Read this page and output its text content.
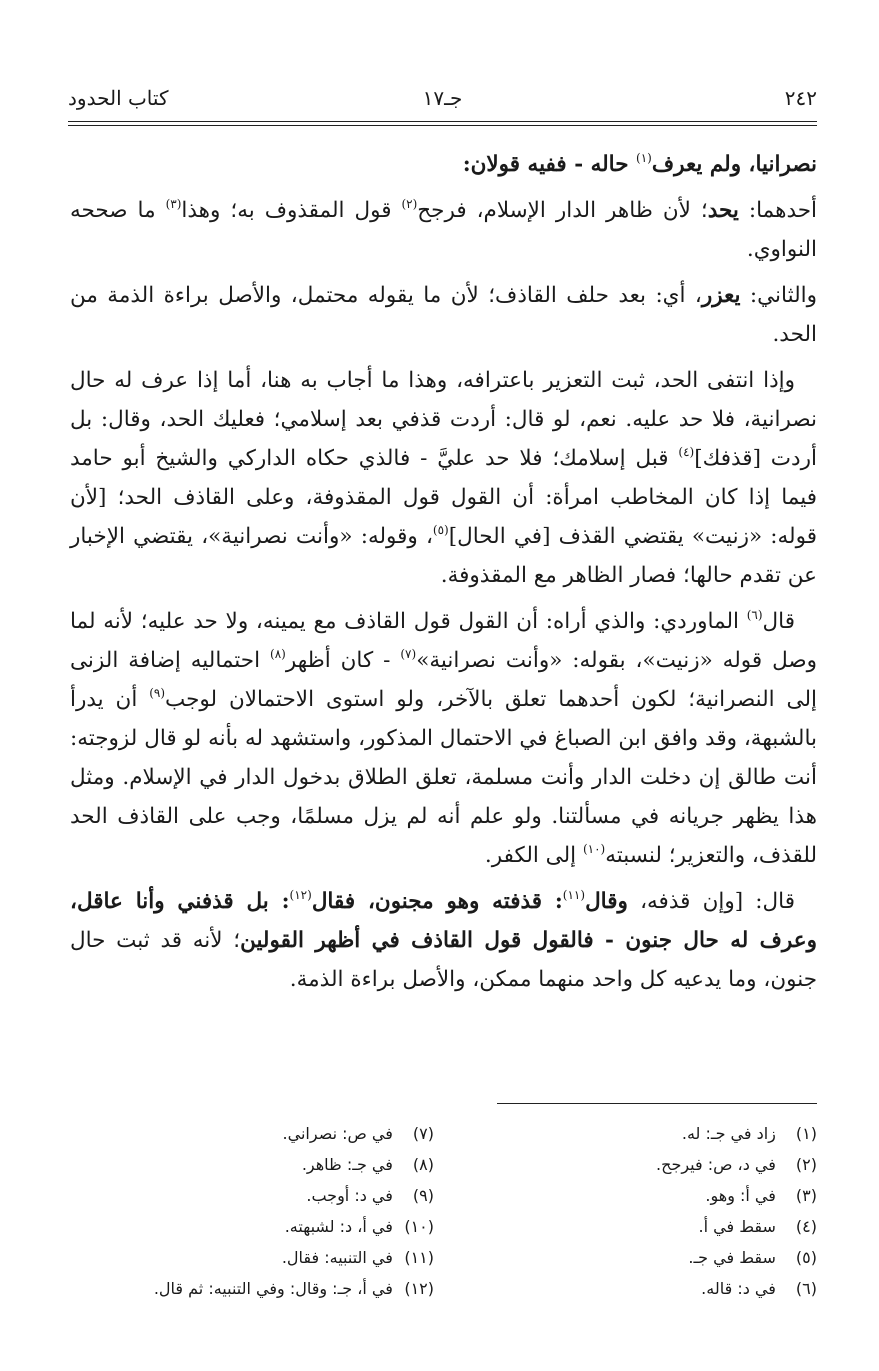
٢٤٢
جـ١٧
كتاب الحدود

نصرانيا، ولم يعرف$^{(١)}$ حاله - ففيه قولان:

أحدهما: يحد؛ لأن ظاهر الدار الإسلام، فرجح$^{(٢)}$ قول المقذوف به؛ وهذا$^{(٣)}$ ما صححه النواوي.

والثاني: يعزر، أي: بعد حلف القاذف؛ لأن ما يقوله محتمل، والأصل براءة الذمة من الحد.

وإذا انتفى الحد، ثبت التعزير باعترافه، وهذا ما أجاب به هنا، أما إذا عرف له حال نصرانية، فلا حد عليه. نعم، لو قال: أردت قذفي بعد إسلامي؛ فعليك الحد، وقال: بل أردت [قذفك]$^{(٤)}$ قبل إسلامك؛ فلا حد عليَّ - فالذي حكاه الداركي والشيخ أبو حامد فيما إذا كان المخاطب امرأة: أن القول قول المقذوفة، وعلى القاذف الحد؛ [لأن قوله: «زنيت» يقتضي القذف [في الحال]$^{(٥)}$، وقوله: «وأنت نصرانية»، يقتضي الإخبار عن تقدم حالها؛ فصار الظاهر مع المقذوفة.

قال$^{(٦)}$ الماوردي: والذي أراه: أن القول قول القاذف مع يمينه، ولا حد عليه؛ لأنه لما وصل قوله «زنيت»، بقوله: «وأنت نصرانية»$^{(٧)}$ - كان أظهر$^{(٨)}$ احتماليه إضافة الزنى إلى النصرانية؛ لكون أحدهما تعلق بالآخر، ولو استوى الاحتمالان لوجب$^{(٩)}$ أن يدرأ بالشبهة، وقد وافق ابن الصباغ في الاحتمال المذكور، واستشهد له بأنه لو قال لزوجته: أنت طالق إن دخلت الدار وأنت مسلمة، تعلق الطلاق بدخول الدار في الإسلام. ومثل هذا يظهر جريانه في مسألتنا. ولو علم أنه لم يزل مسلمًا، وجب على القاذف الحد للقذف، والتعزير؛ لنسبته$^{(١٠)}$ إلى الكفر.

قال: [وإن قذفه، وقال$^{(١١)}$: قذفته وهو مجنون، فقال$^{(١٢)}$: بل قذفني وأنا عاقل، وعرف له حال جنون - فالقول قول القاذف في أظهر القولين؛ لأنه قد ثبت حال جنون، وما يدعيه كل واحد منهما ممكن، والأصل براءة الذمة.

(١) زاد في جـ: له.
(٢) في د، ص: فيرجح.
(٣) في أ: وهو.
(٤) سقط في أ.
(٥) سقط في جـ.
(٦) في د: قاله.
(٧) في ص: نصراني.
(٨) في جـ: ظاهر.
(٩) في د: أوجب.
(١٠) في أ، د: لشبهته.
(١١) في التنبيه: فقال.
(١٢) في أ، جـ: وقال: وفي التنبيه: ثم قال.
